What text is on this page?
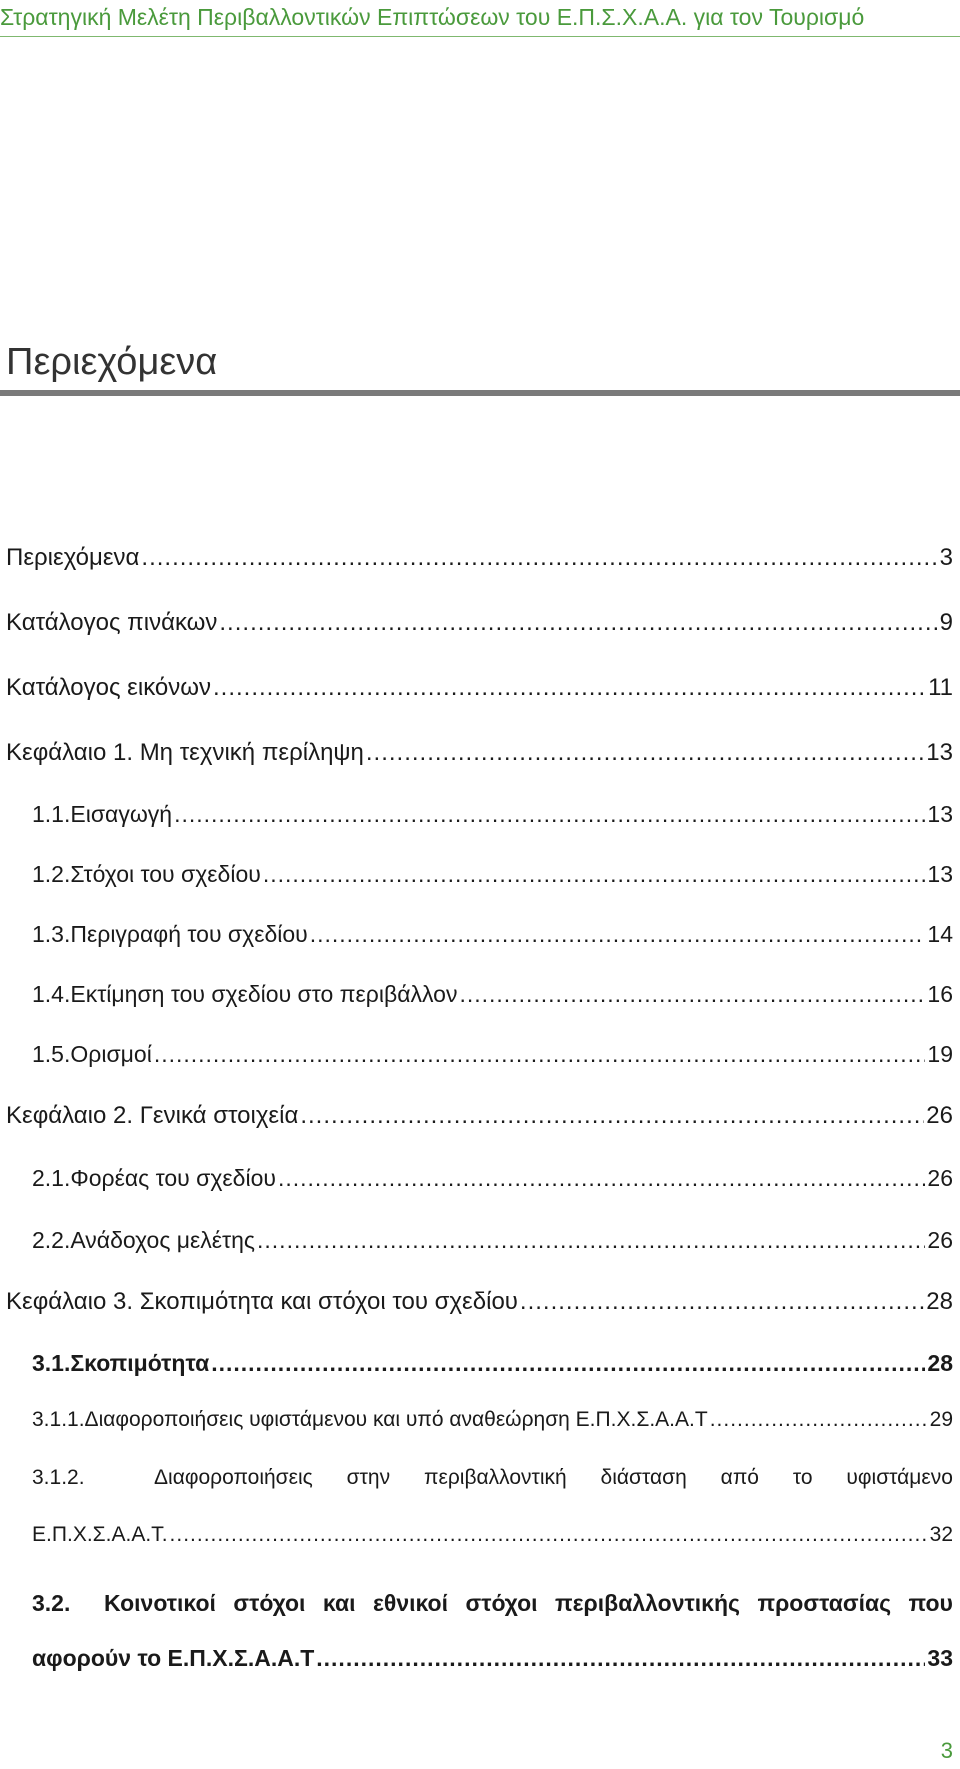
Στρατηγική Μελέτη Περιβαλλοντικών Επιπτώσεων του Ε.Π.Σ.Χ.Α.Α. για τον Τουρισμό
Περιεχόμενα
Περιεχόμενα .....	3
Κατάλογος πινάκων .....	9
Κατάλογος εικόνων .....	11
Κεφάλαιο 1. Μη τεχνική περίληψη .....	13
1.1. Εισαγωγή .....	13
1.2. Στόχοι του σχεδίου .....	13
1.3. Περιγραφή του σχεδίου .....	14
1.4. Εκτίμηση του σχεδίου στο περιβάλλον .....	16
1.5. Ορισμοί .....	19
Κεφάλαιο 2. Γενικά στοιχεία .....	26
2.1. Φορέας του σχεδίου .....	26
2.2. Ανάδοχος μελέτης .....	26
Κεφάλαιο 3. Σκοπιμότητα και στόχοι του σχεδίου .....	28
3.1. Σκοπιμότητα .....	28
3.1.1. Διαφοροποιήσεις υφιστάμενου και υπό αναθεώρηση Ε.Π.Χ.Σ.Α.Α.Τ .....	29
3.1.2.	Διαφοροποιήσεις στην περιβαλλοντική διάσταση από το υφιστάμενο
Ε.Π.Χ.Σ.Α.Α.Τ. .....	32
3.2.	Κοινοτικοί στόχοι και εθνικοί στόχοι περιβαλλοντικής προστασίας που
αφορούν το Ε.Π.Χ.Σ.Α.Α.Τ .....	33
3
